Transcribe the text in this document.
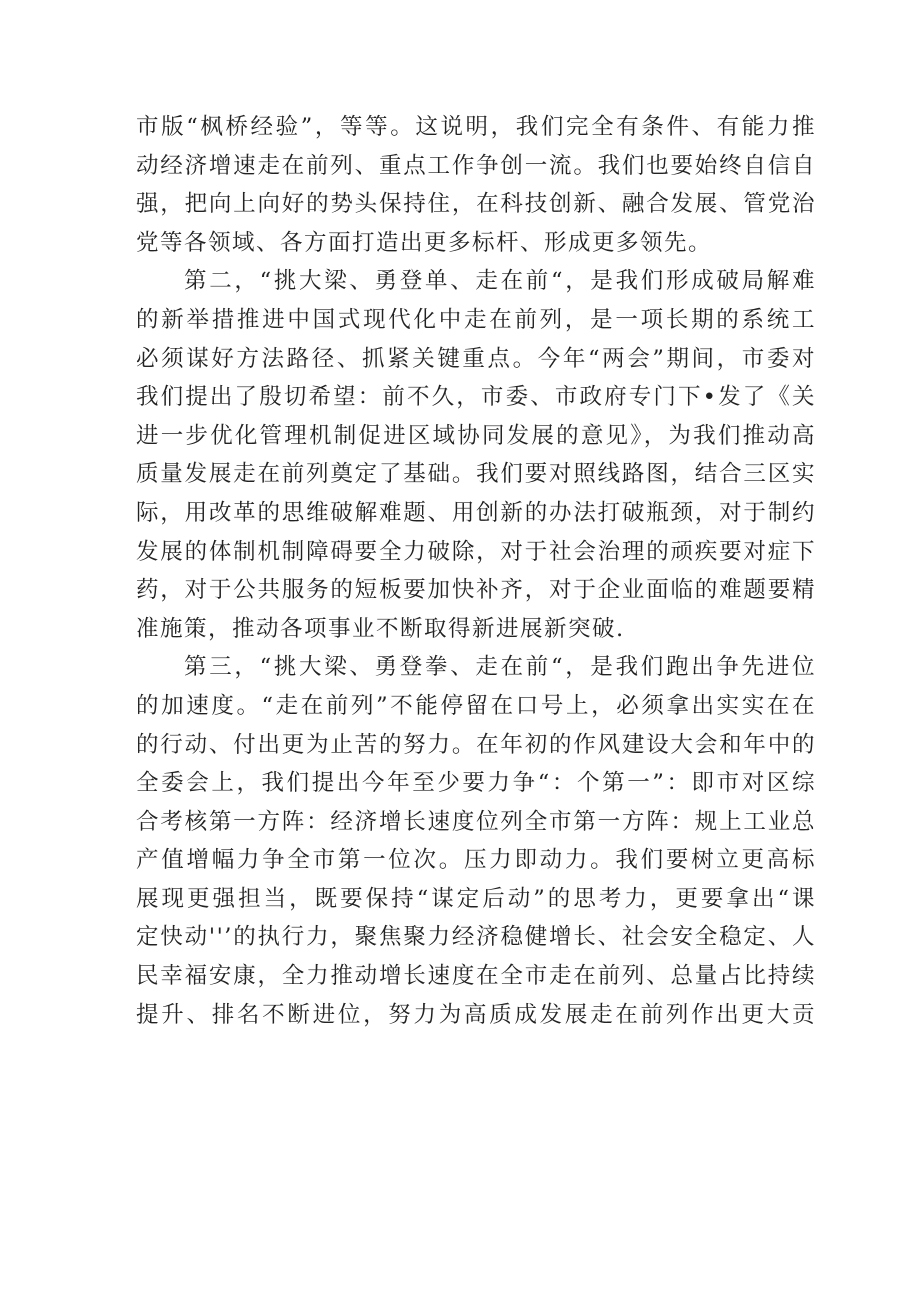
市版“枫桥经验”，等等。这说明，我们完全有条件、有能力推
动经济增速走在前列、重点工作争创一流。我们也要始终自信自
强，把向上向好的势头保持住，在科技创新、融合发展、管党治
党等各领域、各方面打造出更多标杆、形成更多领先。
第二，“挑大梁、勇登单、走在前“，是我们形成破局解难
的新举措推进中国式现代化中走在前列，是一项长期的系统工
必须谋好方法路径、抓紧关键重点。今年“两会”期间，市委对
我们提出了殷切希望：前不久，市委、市政府专门下•发了《关
进一步优化管理机制促进区域协同发展的意见》，为我们推动高
质量发展走在前列奠定了基础。我们要对照线路图，结合三区实
际，用改革的思维破解难题、用创新的办法打破瓶颈，对于制约
发展的体制机制障碍要全力破除，对于社会治理的顽疾要对症下
药，对于公共服务的短板要加快补齐，对于企业面临的难题要精
准施策，推动各项事业不断取得新进展新突破.
第三，“挑大梁、勇登拳、走在前“，是我们跑出争先进位
的加速度。“走在前列”不能停留在口号上，必须拿出实实在在
的行动、付出更为止苦的努力。在年初的作风建设大会和年中的
全委会上，我们提出今年至少要力争“：个第一”：即市对区综
合考核第一方阵：经济增长速度位列全市第一方阵：规上工业总
产值增幅力争全市第一位次。压力即动力。我们要树立更高标
展现更强担当，既要保持“谋定后动”的思考力，更要拿出“课
定快动''’的执行力，聚焦聚力经济稳健增长、社会安全稳定、人
民幸福安康，全力推动增长速度在全市走在前列、总量占比持续
提升、排名不断进位，努力为高质成发展走在前列作出更大贡
